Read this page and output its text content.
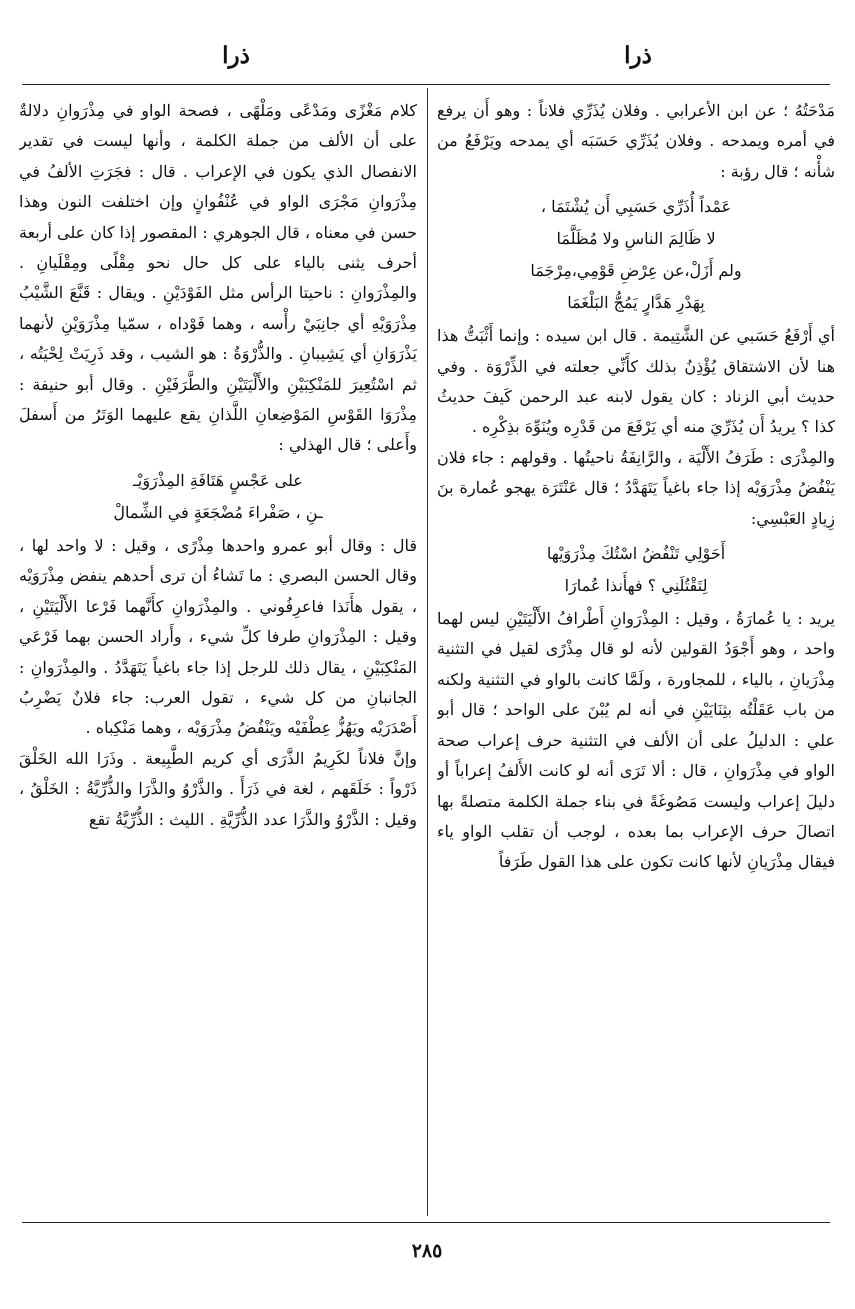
ذرا
ذرا

مَدْحَتُهُ ؛ عن ابن الأعرابي . وفلان يُذَرِّي فلاناً : وهو أَن يرفع في أمره ويمدحه . وفلان يُذَرِّي حَسَبَه أي يمدحه ويَرْفَعُ من شأْنه ؛ قال رؤبة :

عَمْداً أُذَرِّي حَسَبِي أَن يُشْتَمَا ،
لا ظَالِمَ الناسِ ولا مُظَلَّمَا
ولم أَزَلْ،عن عِرْضِ قَوْمِي،مِرْجَمَا
بِهَدْرِ هَدَّارٍ يَمُجُّ البَلْغَمَا

أي أَرْفَعُ حَسَبي عن الشَّتِيمة . قال ابن سيده : وإنما أَثْبَتُّ هذا هنا لأن الاشتقاق يُؤْذِنُ بذلك كأَنِّي جعلته في الذِّرْوَة . وفي حديث أبي الزناد : كان يقول لابنه عبد الرحمن كَيفَ حديثُ كذا ؟ يريدُ أَن يُذَرِّيَ منه أي يَرْفَعَ من قَدْرِه ويُنَوِّهَ بذِكْرِه .

والمِذْرَى : طَرَفُ الأَلْيَة ، والرَّانِفَةُ ناحيتُها . وقولهم : جاء فلان يَنْفُضُ مِذْرَوَيْه إذا جاء باغياً يَتَهَدَّدُ ؛ قال عَنْتَرَة يهجو عُمارة بنَ زِيادٍ العَبْسِي:

أَحَوْلِي تَنْفُضُ اسْتُكَ مِذْرَوَيْها
لِتَقْتُلَنِي ؟ فهأَنذا عُمارَا

يريد : يا عُمارَةُ ، وقيل : المِذْرَوانِ أَطْرافُ الأَلْيَتَيْنِ ليس لهما واحد ، وهو أَجْوَدُ القولين لأنه لو قال مِذْرًى لقيل في التثنية مِذْرَيانِ ، بالياء ، للمجاورة ، ولَمَّا كانت بالواو في التثنية ولكنه من باب عَقَلْتُه بثِنَايَيْنِ في أنه لم يُبْنَ على الواحد ؛ قال أبو علي : الدليلُ على أن الألف في التثنية حرف إعراب صحة الواو في مِذْرَوانِ ، قال : ألا تَرَى أنه لو كانت الأَلفُ إعراباً أو دليلَ إعراب وليست مَصُوغَةً في بناء جملة الكلمة متصلةً بها اتصالَ حرف الإعراب بما بعده ، لوجب أن تقلب الواو ياء فيقال مِذْرَيانِ لأنها كانت تكون على هذا القول طَرَفاً

كلام مَغْزًى ومَدْعًى ومَلْهًى ، فصحة الواو في مِذْرَوانِ دلالةٌ على أن الألف من جملة الكلمة ، وأنها ليست في تقدير الانفصال الذي يكون في الإعراب . قال : فجَرَتِ الألفُ في مِذْرَوانِ مَجْرَى الواو في عُنْفُوانٍ وإن اختلفت النون وهذا حسن في معناه ، قال الجوهري : المقصور إذا كان على أربعة أحرف يثنى بالياء على كل حال نحو مِقْلًى ومِقْلَيانِ . والمِذْرَوانِ : ناحيتا الرأس مثل الفَوْدَيْنِ . ويقال : قَنَّعَ الشَّيْبُ مِذْرَوَيْهِ أي جانِبَيْ رأْسه ، وهما فَوْداه ، سمّيا مِذْرَوَيْنِ لأنهما يَذْرَوَانِ أي يَشِيبانِ . والذُّرْوَةُ : هو الشيب ، وقد ذَرِيَتْ لِحْيَتُه ، ثم اسْتُعِيرَ للمَنْكِبَيْنِ والأَلْيَتَيْنِ والطَّرَفَيْنِ . وقال أبو حنيفة : مِذْرَوَا القَوْسِ المَوْضِعانِ اللَّذانِ يقع عليهما الوَتَرُ من أَسفلَ وأَعلى ؛ قال الهذلي :

على عَجْسٍ هَتَافَةِ المِذْرَوَيْـ
ـنِ ، صَفْراءَ مُضْجَعَةٍ في الشِّمالْ

قال : وقال أبو عمرو واحدها مِذْرًى ، وقيل : لا واحد لها ، وقال الحسن البصري : ما تَشاءُ أن ترى أحدهم ينفض مِذْرَوَيْه ، يقول هأَنَذا فاعرِفُوني . والمِذْرَوانِ كأَنَّهما فَرْعا الأَلْيَتَيْنِ ، وقيل : المِذْرَوانِ طرفا كلِّ شيء ، وأَراد الحسن بهما فَرْعَي المَنْكِبَيْنِ ، يقال ذلك للرجل إذا جاء باغياً يَتَهَدَّدُ . والمِذْرَوانِ : الجانبانِ من كل شيء ، تقول العرب: جاء فلانٌ يَضْرِبُ أَصْدَرَيْه ويَهُزُّ عِطْفَيْه ويَنْفُضُ مِذْرَوَيْه ، وهما مَنْكِباه .

وإنَّ فلاناً لكَرِيمُ الذَّرَى أي كريم الطَّبِيعة . وذَرَا الله الخَلْقَ ذَرْواً : خَلَقَهم ، لغة في ذَرَأَ . والذَّرْوُ والذَّرَا والذُّرِّيَّةُ : الخَلْقُ ، وقيل : الذَّرْوُ والذَّرَا عدد الذُّرِّيَّةِ . الليث : الذُّرِّيَّةُ تقع

٢٨٥
